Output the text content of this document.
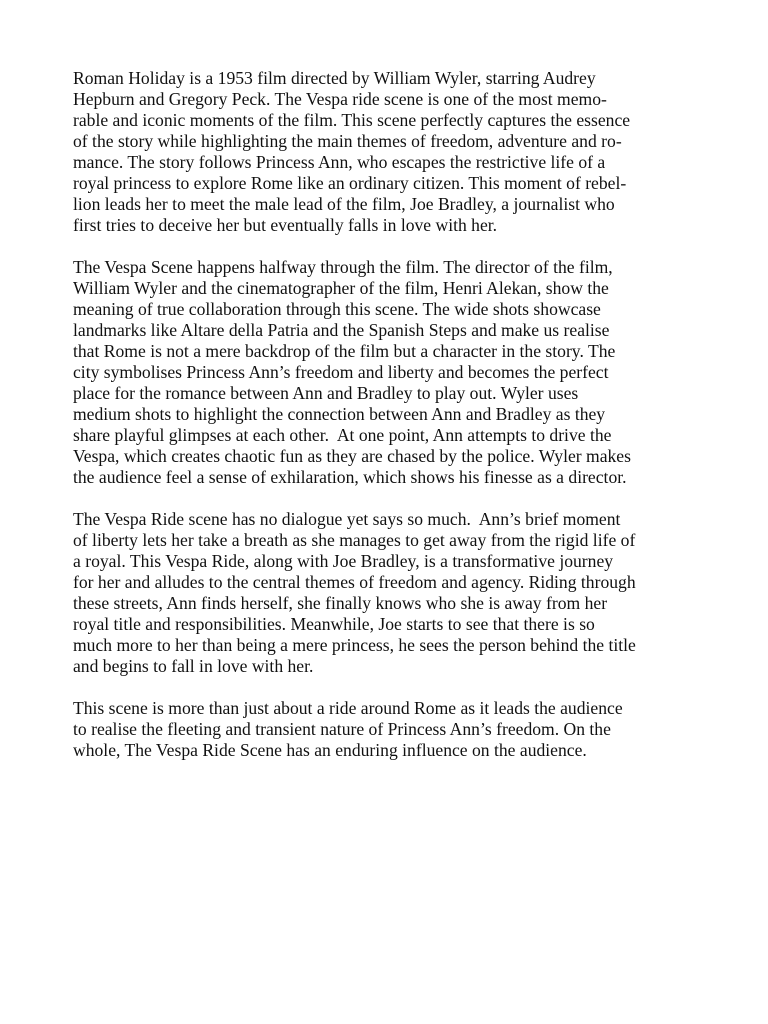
Roman Holiday is a 1953 film directed by William Wyler, starring Audrey
Hepburn and Gregory Peck. The Vespa ride scene is one of the most memo-
rable and iconic moments of the film. This scene perfectly captures the essence
of the story while highlighting the main themes of freedom, adventure and ro-
mance. The story follows Princess Ann, who escapes the restrictive life of a
royal princess to explore Rome like an ordinary citizen. This moment of rebel-
lion leads her to meet the male lead of the film, Joe Bradley, a journalist who
first tries to deceive her but eventually falls in love with her.

The Vespa Scene happens halfway through the film. The director of the film,
William Wyler and the cinematographer of the film, Henri Alekan, show the
meaning of true collaboration through this scene. The wide shots showcase
landmarks like Altare della Patria and the Spanish Steps and make us realise
that Rome is not a mere backdrop of the film but a character in the story. The
city symbolises Princess Ann’s freedom and liberty and becomes the perfect
place for the romance between Ann and Bradley to play out. Wyler uses
medium shots to highlight the connection between Ann and Bradley as they
share playful glimpses at each other.  At one point, Ann attempts to drive the
Vespa, which creates chaotic fun as they are chased by the police. Wyler makes
the audience feel a sense of exhilaration, which shows his finesse as a director.

The Vespa Ride scene has no dialogue yet says so much.  Ann’s brief moment
of liberty lets her take a breath as she manages to get away from the rigid life of
a royal. This Vespa Ride, along with Joe Bradley, is a transformative journey
for her and alludes to the central themes of freedom and agency. Riding through
these streets, Ann finds herself, she finally knows who she is away from her
royal title and responsibilities. Meanwhile, Joe starts to see that there is so
much more to her than being a mere princess, he sees the person behind the title
and begins to fall in love with her.

This scene is more than just about a ride around Rome as it leads the audience
to realise the fleeting and transient nature of Princess Ann’s freedom. On the
whole, The Vespa Ride Scene has an enduring influence on the audience.
